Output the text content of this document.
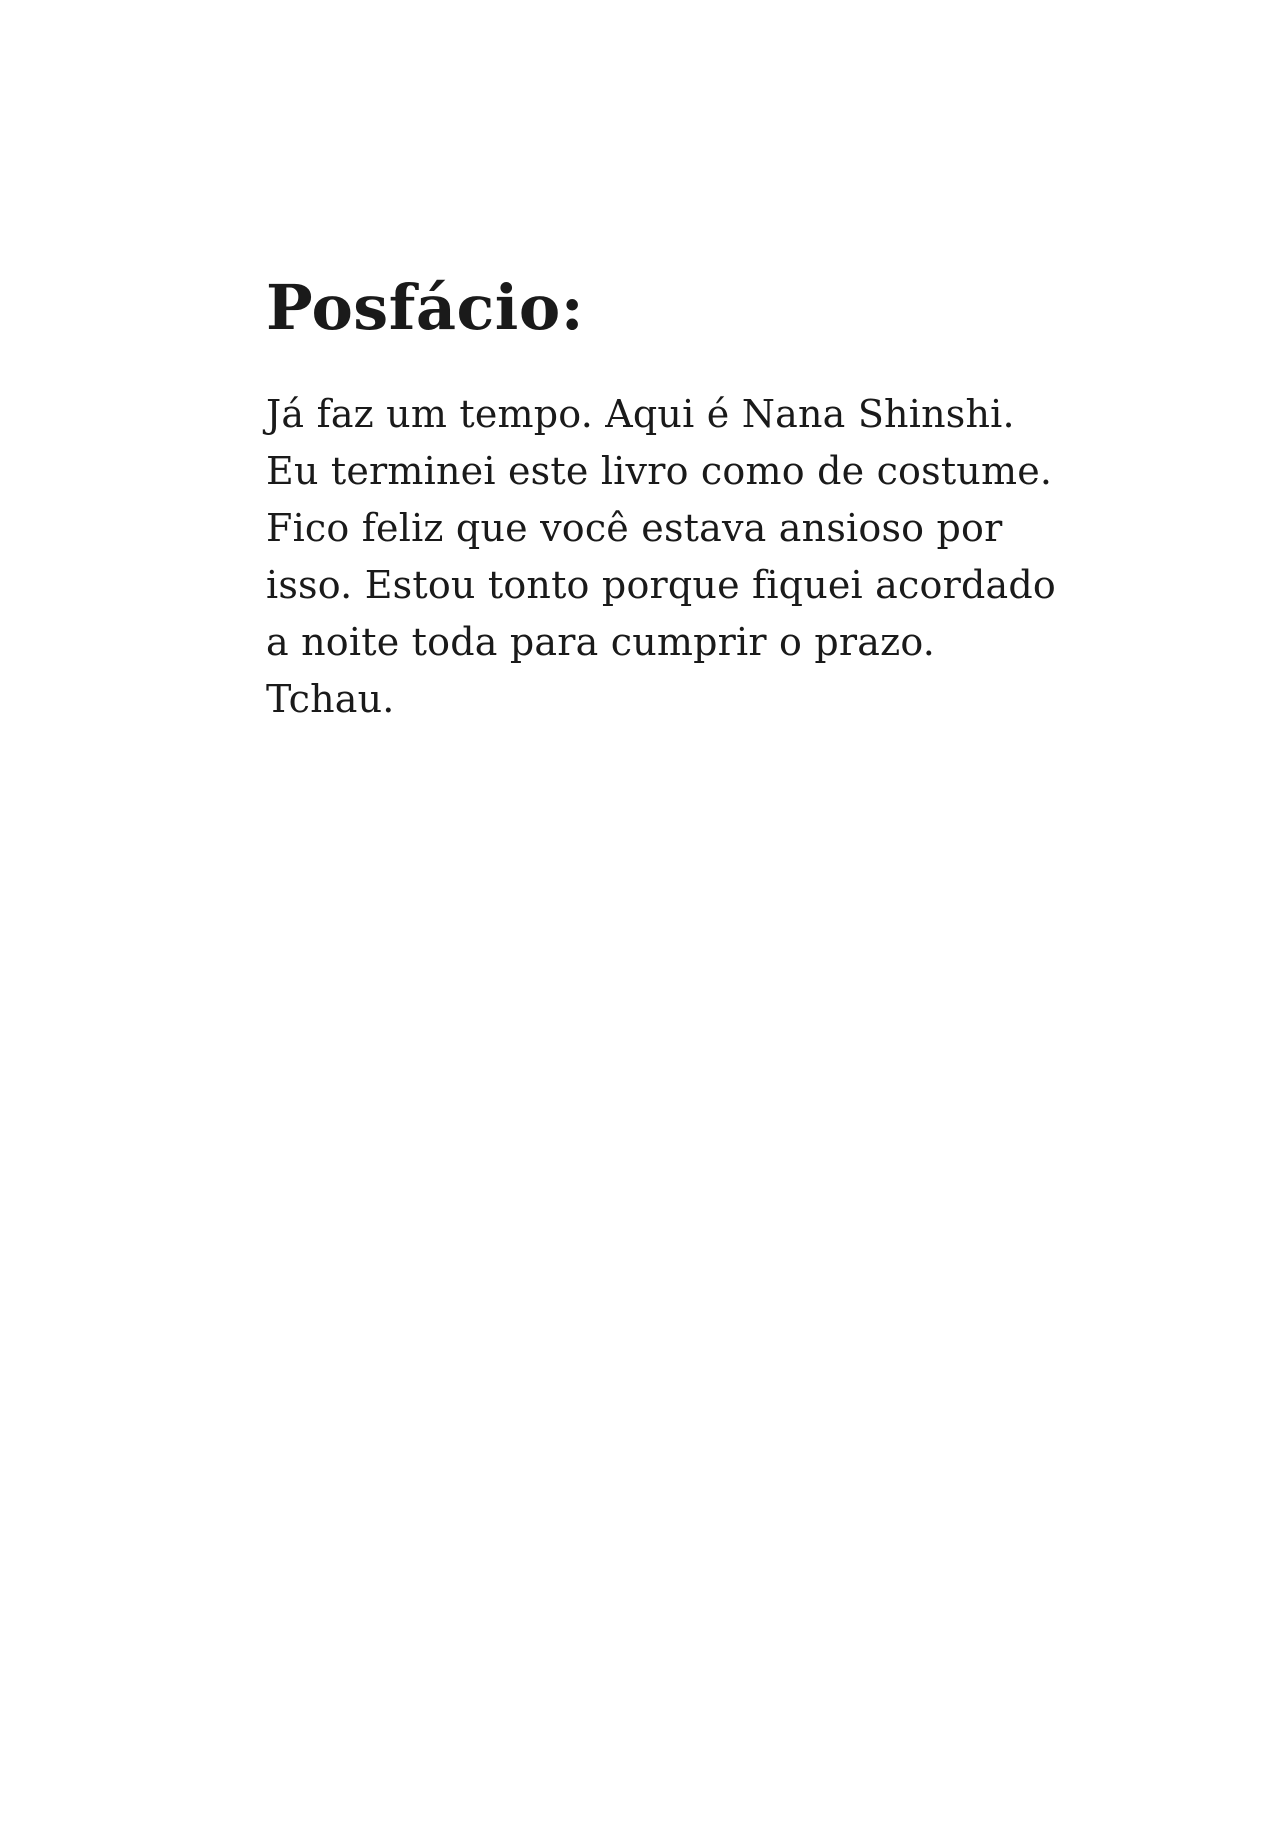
Posfácio:

Já faz um tempo. Aqui é Nana Shinshi.
Eu terminei este livro como de costume.
Fico feliz que você estava ansioso por
isso. Estou tonto porque fiquei acordado
a noite toda para cumprir o prazo.
Tchau.
